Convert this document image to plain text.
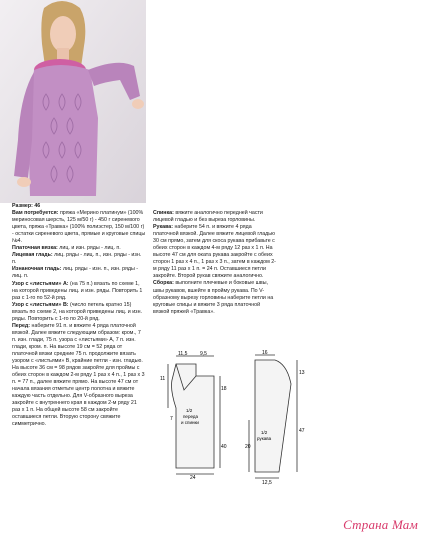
Размер: 46

Вам потребуется: пряжа «Мерино платинум» (100% мериносовая шерсть, 125 м/50 г) - 450 г сиреневого цвета, пряжа «Травка» (100% полиэстер, 150 м/100 г) - остатки сиреневого цвета, прямые и круговые спицы №4.

Платочная вязка: лиц. и изн. ряды - лиц. п.

Лицевая гладь: лиц. ряды - лиц. п., изн. ряды - изн. п.

Изнаночная гладь: лиц. ряды - изн. п., изн. ряды - лиц. п.

Узор с «листьями» А: (на 75 п.) вязать по схеме 1, на которой приведены лиц. и изн. ряды. Повторить 1 раз с 1-го по 52-й ряд.

Узор с «листьями» В: (число петель кратно 15) вязать по схеме 2, на которой приведены лиц. и изн. ряды. Повторить с 1-го по 20-й ряд.

Перед: наберите 91 п. и вяжите 4 ряда платочной вязкой. Далее вяжите следующим образом: кром., 7 п. изн. глади, 75 п. узора с «листьями» А, 7 п. изн. глади, кром. п. На высоте 19 см = 52 ряда от платочной вязки средние 75 п. продолжите вязать узором с «листьями» В, крайние петли - изн. гладью. На высоте 36 см = 98 рядов закройте для проймы с обеих сторон в каждом 2-м ряду 1 раз х 4 п., 1 раз х 3 п. = 77 п., далее вяжите прямо. На высоте 47 см от начала вязания отметьте центр полотна и вяжите каждую часть отдельно. Для V-образного выреза закройте с внутреннего края в каждом 2-м ряду 21 раз х 1 п. На общей высоте 58 см закройте оставшиеся петли. Вторую сторону свяжите симметрично.

Спинка: вяжите аналогично передней части лицевой гладью и без выреза горловины.

Рукава: наберите 54 п. и вяжите 4 ряда платочной вязкой. Далее вяжите лицевой гладью 30 см прямо, затем для скоса рукава прибавьте с обеих сторон в каждом 4-м ряду 12 раз х 1 п. На высоте 47 см для оката рукава закройте с обеих сторон 1 раз х 4 п., 1 раз х 3 п., затем в каждом 2-м ряду 11 раз х 1 п. = 24 п. Оставшиеся петли закройте. Второй рукав свяжите аналогично.

Сборка: выполните плечевые и боковые швы, швы рукавов, вшейте в пройму рукава. По V-образному вырезу горловины наберите петли на круговые спицы и вяжите 3 ряда платочной вязкой пряжей «Травка».

11,5	9,5
11
18
7
40
24
1/2
переда
и спинки
16
13
20
47
12,5
1/2
рукава
Страна Мам
